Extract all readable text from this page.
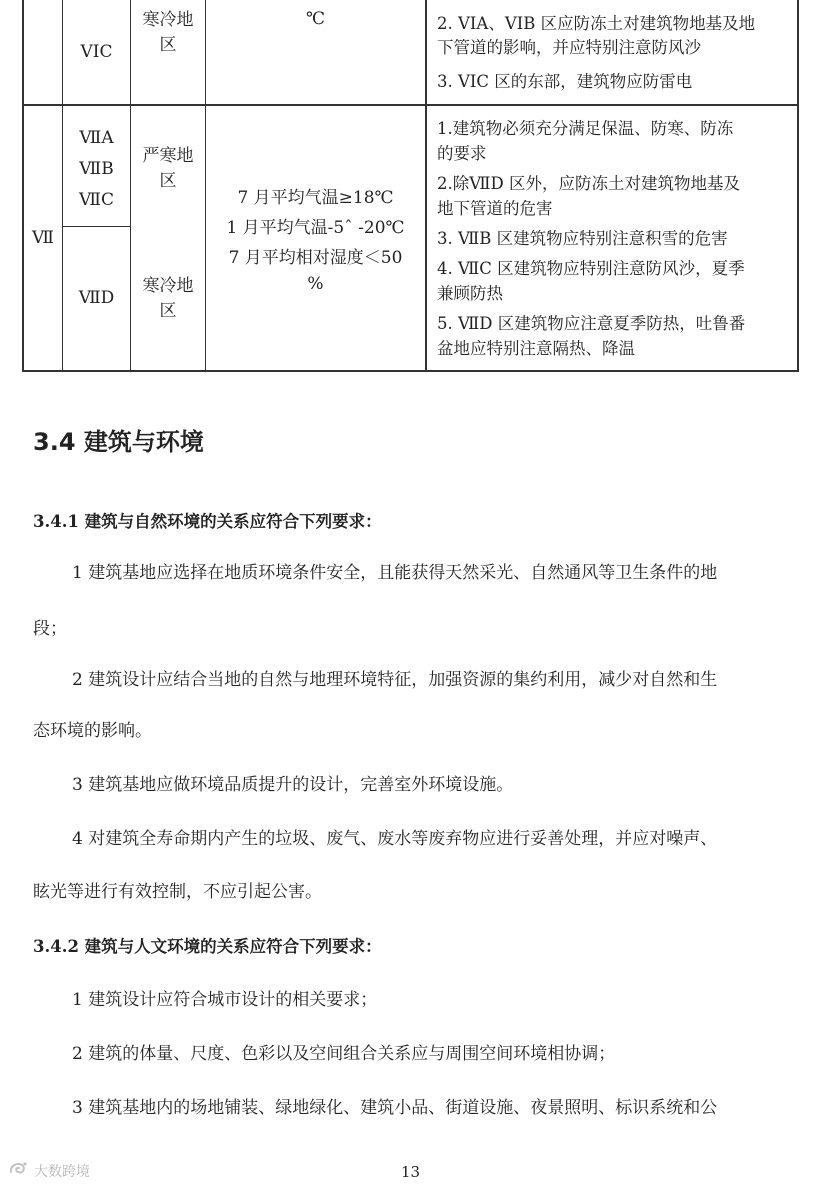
VIC
寒冷地
区
℃	2. VIA、VIB 区应防冻土对建筑物地基及地
下管道的影响，并应特别注意防风沙
3. VIC 区的东部，建筑物应防雷电
Ⅶ
ⅦA
ⅦB
ⅦC
严寒地
区
ⅦD
寒冷地
区
7 月平均气温≥18℃
1 月平均气温-5ˆ -20℃
7 月平均相对湿度＜50
%
1.建筑物必须充分满足保温、防寒、防冻
的要求
2.除ⅦD 区外，应防冻土对建筑物地基及
地下管道的危害
3. ⅦB 区建筑物应特别注意积雪的危害
4. ⅦC 区建筑物应特别注意防风沙，夏季
兼顾防热
5. ⅦD 区建筑物应注意夏季防热，吐鲁番
盆地应特别注意隔热、降温
3.4 建筑与环境
3.4.1 建筑与自然环境的关系应符合下列要求：
1 建筑基地应选择在地质环境条件安全，且能获得天然采光、自然通风等卫生条件的地
段；
2 建筑设计应结合当地的自然与地理环境特征，加强资源的集约利用，减少对自然和生
态环境的影响。
3 建筑基地应做环境品质提升的设计，完善室外环境设施。
4 对建筑全寿命期内产生的垃圾、废气、废水等废弃物应进行妥善处理，并应对噪声、
眩光等进行有效控制，不应引起公害。
3.4.2 建筑与人文环境的关系应符合下列要求：
1 建筑设计应符合城市设计的相关要求；
2 建筑的体量、尺度、色彩以及空间组合关系应与周围空间环境相协调；
3 建筑基地内的场地铺装、绿地绿化、建筑小品、街道设施、夜景照明、标识系统和公
13
大数跨境
